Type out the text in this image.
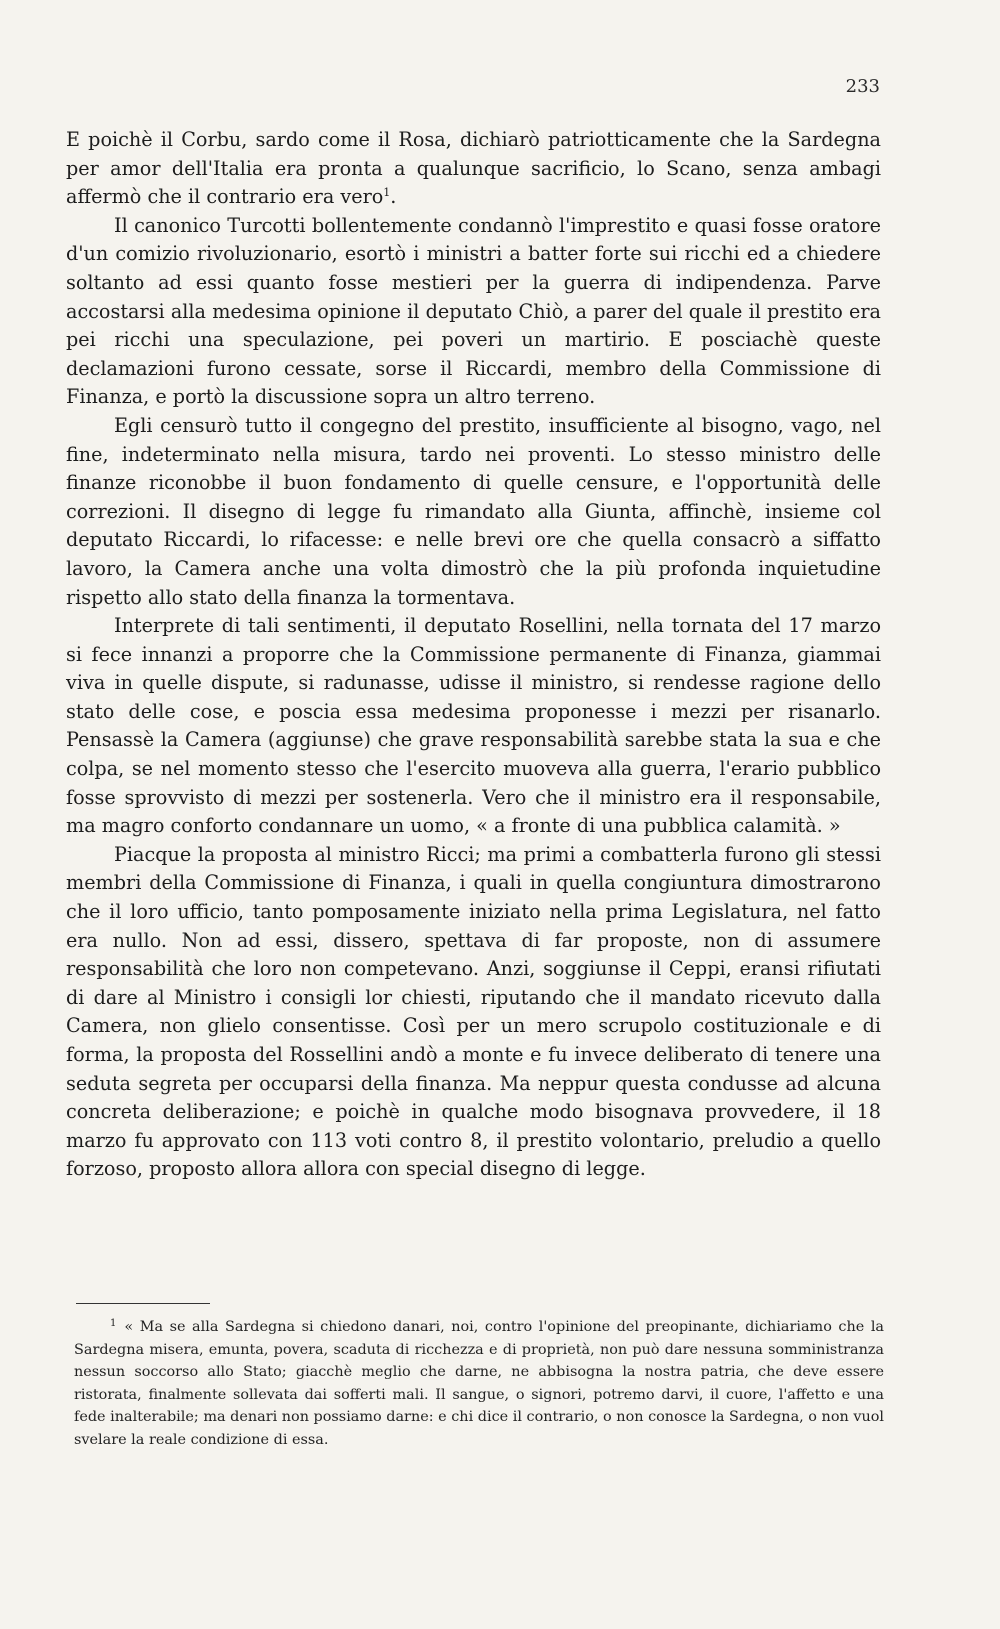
233

E poichè il Corbu, sardo come il Rosa, dichiarò patriotticamente che la Sardegna per amor dell'Italia era pronta a qualunque sacrificio, lo Scano, senza ambagi affermò che il contrario era vero$^1$.

Il canonico Turcotti bollentemente condannò l'imprestito e quasi fosse oratore d'un comizio rivoluzionario, esortò i ministri a batter forte sui ricchi ed a chiedere soltanto ad essi quanto fosse mestieri per la guerra di indipendenza. Parve accostarsi alla medesima opinione il deputato Chiò, a parer del quale il prestito era pei ricchi una speculazione, pei poveri un martirio. E posciachè queste declamazioni furono cessate, sorse il Riccardi, membro della Commissione di Finanza, e portò la discussione sopra un altro terreno.

Egli censurò tutto il congegno del prestito, insufficiente al bisogno, vago, nel fine, indeterminato nella misura, tardo nei proventi. Lo stesso ministro delle finanze riconobbe il buon fondamento di quelle censure, e l'opportunità delle correzioni. Il disegno di legge fu rimandato alla Giunta, affinchè, insieme col deputato Riccardi, lo rifacesse: e nelle brevi ore che quella consacrò a siffatto lavoro, la Camera anche una volta dimostrò che la più profonda inquietudine rispetto allo stato della finanza la tormentava.

Interprete di tali sentimenti, il deputato Rosellini, nella tornata del 17 marzo si fece innanzi a proporre che la Commissione permanente di Finanza, giammai viva in quelle dispute, si radunasse, udisse il ministro, si rendesse ragione dello stato delle cose, e poscia essa medesima proponesse i mezzi per risanarlo. Pensassè la Camera (aggiunse) che grave responsabilità sarebbe stata la sua e che colpa, se nel momento stesso che l'esercito muoveva alla guerra, l'erario pubblico fosse sprovvisto di mezzi per sostenerla. Vero che il ministro era il responsabile, ma magro conforto condannare un uomo, « a fronte di una pubblica calamità. »

Piacque la proposta al ministro Ricci; ma primi a combatterla furono gli stessi membri della Commissione di Finanza, i quali in quella congiuntura dimostrarono che il loro ufficio, tanto pomposamente iniziato nella prima Legislatura, nel fatto era nullo. Non ad essi, dissero, spettava di far proposte, non di assumere responsabilità che loro non competevano. Anzi, soggiunse il Ceppi, eransi rifiutati di dare al Ministro i consigli lor chiesti, riputando che il mandato ricevuto dalla Camera, non glielo consentisse. Così per un mero scrupolo costituzionale e di forma, la proposta del Rossellini andò a monte e fu invece deliberato di tenere una seduta segreta per occuparsi della finanza. Ma neppur questa condusse ad alcuna concreta deliberazione; e poichè in qualche modo bisognava provvedere, il 18 marzo fu approvato con 113 voti contro 8, il prestito volontario, preludio a quello forzoso, proposto allora allora con special disegno di legge.

$^1$ « Ma se alla Sardegna si chiedono danari, noi, contro l'opinione del preopinante, dichiariamo che la Sardegna misera, emunta, povera, scaduta di ricchezza e di proprietà, non può dare nessuna somministranza nessun soccorso allo Stato; giacchè meglio che darne, ne abbisogna la nostra patria, che deve essere ristorata, finalmente sollevata dai sofferti mali. Il sangue, o signori, potremo darvi, il cuore, l'affetto e una fede inalterabile; ma denari non possiamo darne: e chi dice il contrario, o non conosce la Sardegna, o non vuol svelare la reale condizione di essa.
